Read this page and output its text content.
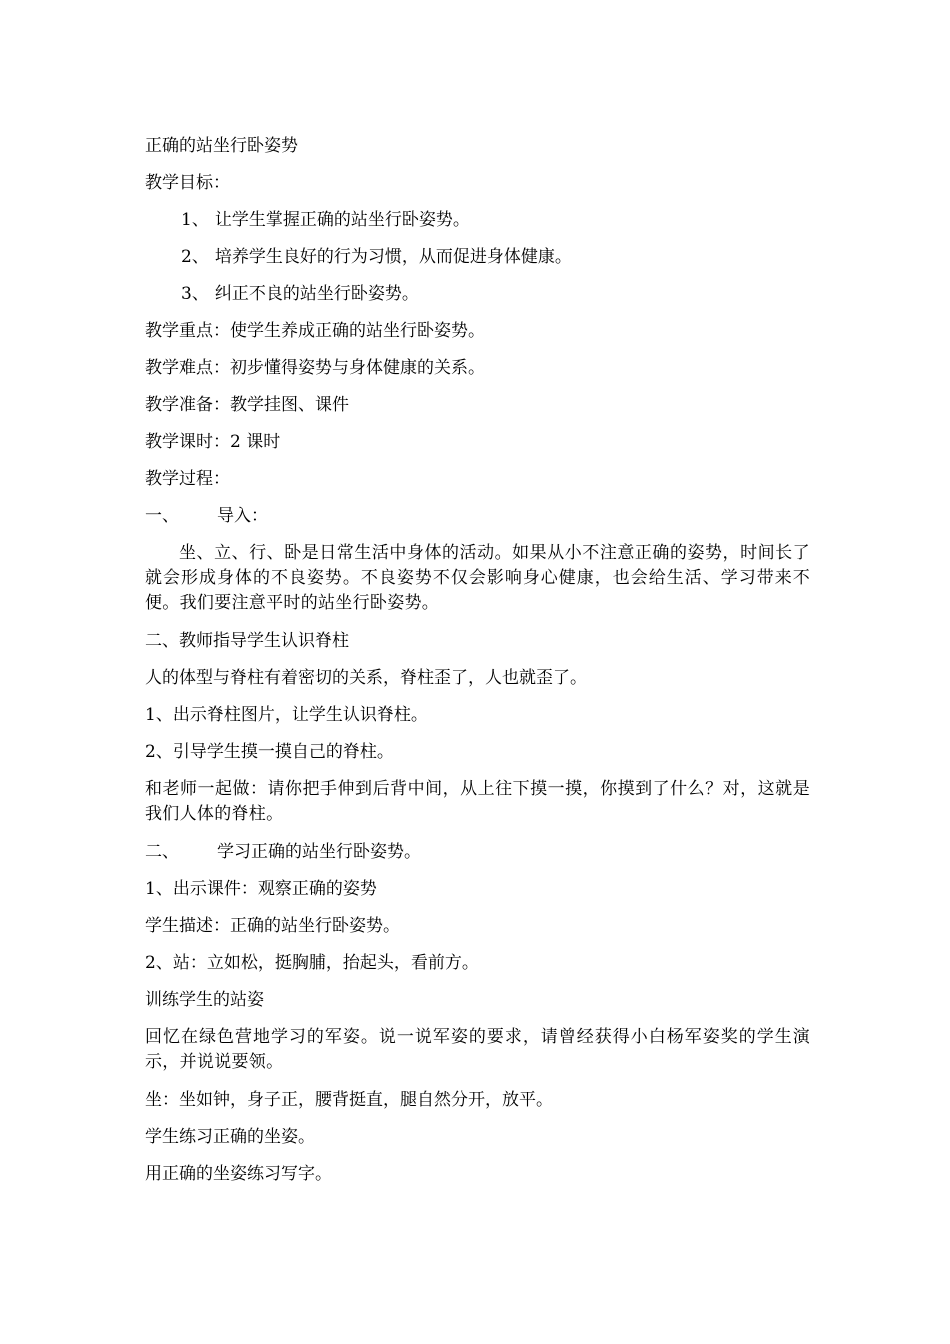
正确的站坐行卧姿势
教学目标：
1、 让学生掌握正确的站坐行卧姿势。
2、 培养学生良好的行为习惯，从而促进身体健康。
3、 纠正不良的站坐行卧姿势。
教学重点：使学生养成正确的站坐行卧姿势。
教学难点：初步懂得姿势与身体健康的关系。
教学准备：教学挂图、课件
教学课时：2 课时
教学过程：
一、 导入：
坐、立、行、卧是日常生活中身体的活动。如果从小不注意正确的姿势，时间长了就会形成身体的不良姿势。不良姿势不仅会影响身心健康，也会给生活、学习带来不便。我们要注意平时的站坐行卧姿势。
二、教师指导学生认识脊柱
人的体型与脊柱有着密切的关系，脊柱歪了，人也就歪了。
1、出示脊柱图片，让学生认识脊柱。
2、引导学生摸一摸自己的脊柱。
和老师一起做：请你把手伸到后背中间，从上往下摸一摸，你摸到了什么？对，这就是我们人体的脊柱。
二、 学习正确的站坐行卧姿势。
1、出示课件：观察正确的姿势
学生描述：正确的站坐行卧姿势。
2、站：立如松，挺胸脯，抬起头，看前方。
训练学生的站姿
回忆在绿色营地学习的军姿。说一说军姿的要求，请曾经获得小白杨军姿奖的学生演示，并说说要领。
坐：坐如钟，身子正，腰背挺直，腿自然分开，放平。
学生练习正确的坐姿。
用正确的坐姿练习写字。
